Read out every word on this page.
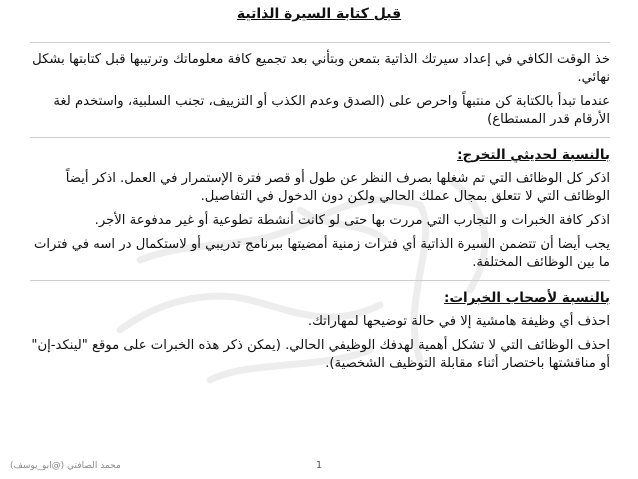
قبل كتابة السيرة الذاتية

خذ الوقت الكافي في إعداد سيرتك الذاتية بتمعن وبتأني بعد تجميع كافة معلوماتك وترتيبها قبل كتابتها بشكل نهائي.

عندما تبدأ بالكتابة كن منتبهاً واحرص على (الصدق وعدم الكذب أو التزييف، تجنب السلبية، واستخدم لغة الأرقام قدر المستطاع)

بالنسبة لحديثي التخرج:

اذكر كل الوظائف التي تم شغلها بصرف النظر عن طول أو قصر فترة الإستمرار في العمل. اذكر أيضاً الوظائف التي لا تتعلق بمجال عملك الحالي ولكن دون الدخول في التفاصيل.

اذكر كافة الخبرات و التجارب التي مررت بها حتى لو كانت أنشطة تطوعية أو غير مدفوعة الأجر.

يجب أيضا أن تتضمن السيرة الذاتية أي فترات زمنية أمضيتها ببرنامج تدريبي أو لاستكمال در اسه في فترات ما بين الوظائف المختلفة.

بالنسبة لأصحاب الخبرات:

احذف أي وظيفة هامشية إلا في حالة توضيحها لمهاراتك.

احذف الوظائف التي لا تشكل أهمية لهدفك الوظيفي الحالي. (يمكن ذكر هذه الخبرات على موقع "لينكد-إن" أو مناقشتها باختصار أثناء مقابلة التوظيف الشخصية).

محمد الصافتي (@ابو_يوسف)	1
